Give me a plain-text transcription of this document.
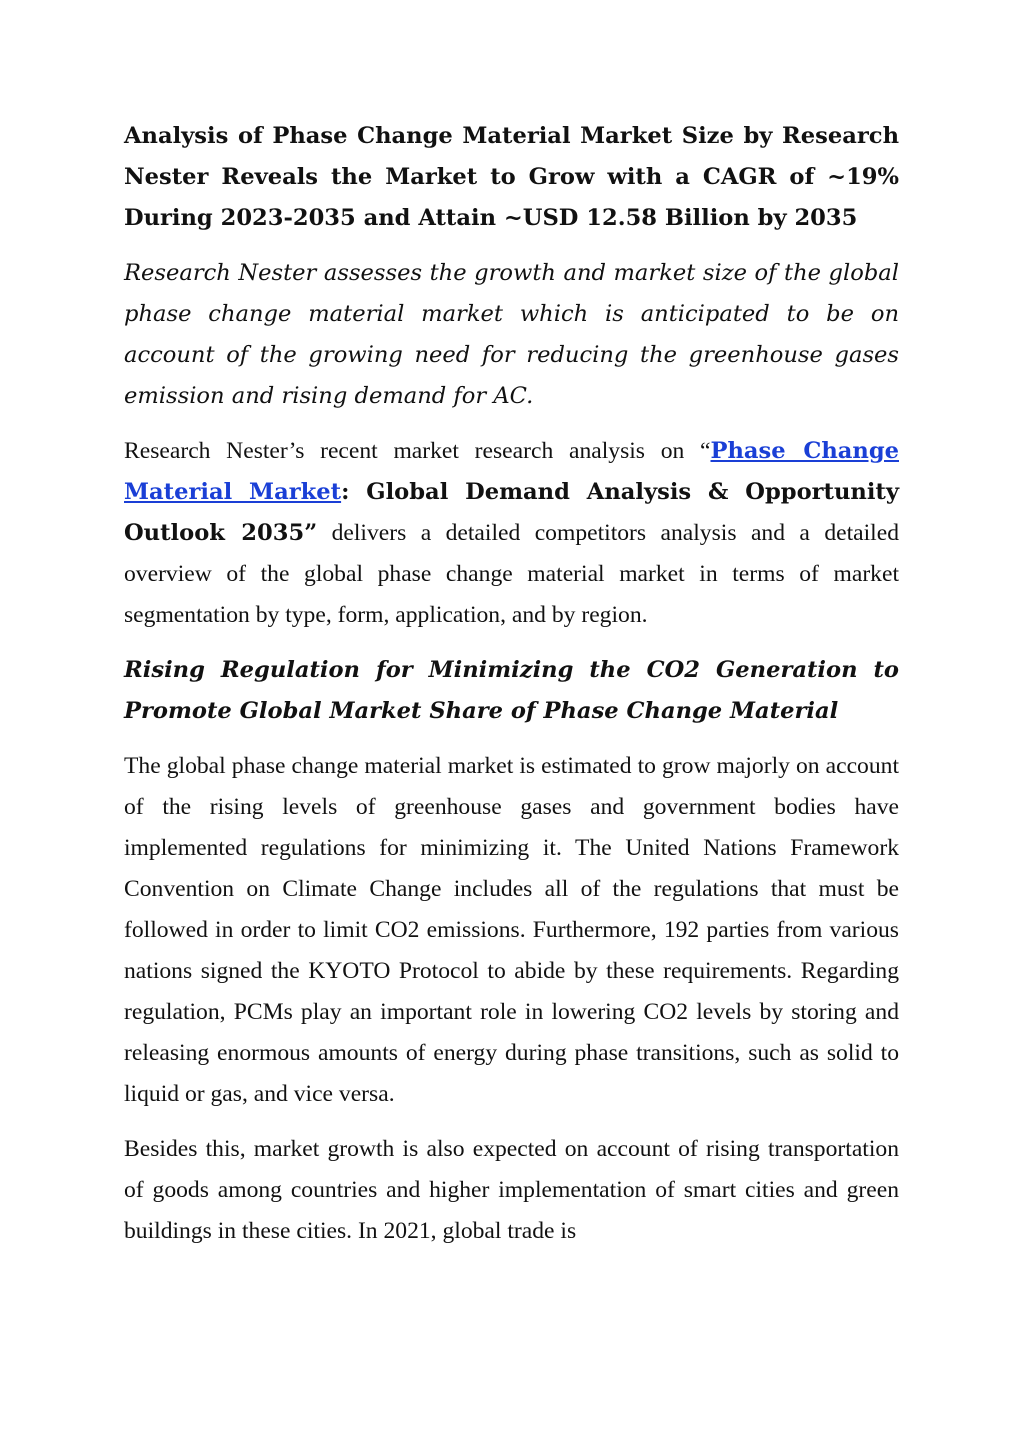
Analysis of Phase Change Material Market Size by Research Nester Reveals the Market to Grow with a CAGR of ~19% During 2023-2035 and Attain ~USD 12.58 Billion by 2035

Research Nester assesses the growth and market size of the global phase change material market which is anticipated to be on account of the growing need for reducing the greenhouse gases emission and rising demand for AC.

Research Nester’s recent market research analysis on “Phase Change Material Market: Global Demand Analysis & Opportunity Outlook 2035” delivers a detailed competitors analysis and a detailed overview of the global phase change material market in terms of market segmentation by type, form, application, and by region.

Rising Regulation for Minimizing the CO2 Generation to Promote Global Market Share of Phase Change Material

The global phase change material market is estimated to grow majorly on account of the rising levels of greenhouse gases and government bodies have implemented regulations for minimizing it. The United Nations Framework Convention on Climate Change includes all of the regulations that must be followed in order to limit CO2 emissions. Furthermore, 192 parties from various nations signed the KYOTO Protocol to abide by these requirements. Regarding regulation, PCMs play an important role in lowering CO2 levels by storing and releasing enormous amounts of energy during phase transitions, such as solid to liquid or gas, and vice versa.

Besides this, market growth is also expected on account of rising transportation of goods among countries and higher implementation of smart cities and green buildings in these cities. In 2021, global trade is
